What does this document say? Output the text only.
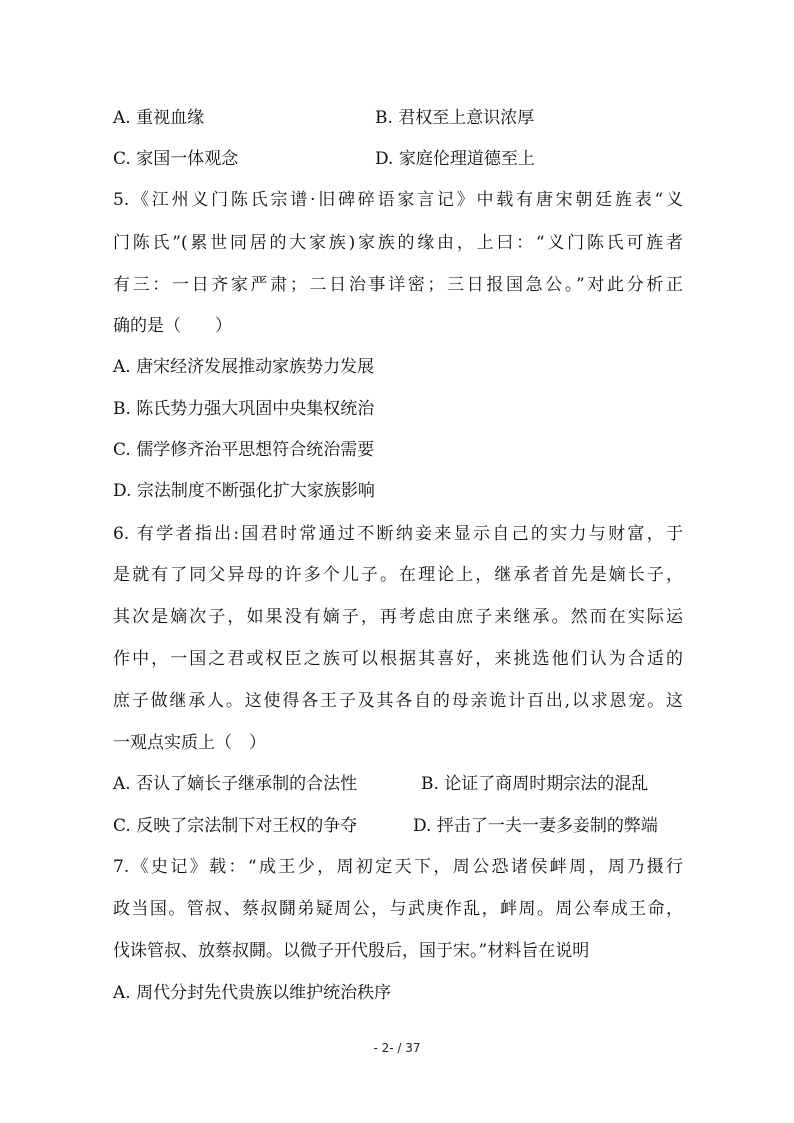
A. 重视血缘	B. 君权至上意识浓厚
C. 家国一体观念	D. 家庭伦理道德至上
5.《江州义门陈氏宗谱·旧碑碎语家言记》中载有唐宋朝廷旌表“义
门陈氏”(累世同居的大家族)家族的缘由，上曰：“义门陈氏可旌者
有三：一日齐家严肃；二日治事详密；三日报国急公。”对此分析正
确的是（　　）
A. 唐宋经济发展推动家族势力发展
B. 陈氏势力强大巩固中央集权统治
C. 儒学修齐治平思想符合统治需要
D. 宗法制度不断强化扩大家族影响
6. 有学者指出:国君时常通过不断纳妾来显示自己的实力与财富，于
是就有了同父异母的许多个儿子。在理论上，继承者首先是嫡长子，
其次是嫡次子，如果没有嫡子，再考虑由庶子来继承。然而在实际运
作中，一国之君或权臣之族可以根据其喜好，来挑选他们认为合适的
庶子做继承人。这使得各王子及其各自的母亲诡计百出,以求恩宠。这
一观点实质上（　）
A. 否认了嫡长子继承制的合法性	B. 论证了商周时期宗法的混乱
C. 反映了宗法制下对王权的争夺	D. 抨击了一夫一妻多妾制的弊端
7.《史记》载：“成王少，周初定天下，周公恐诸侯衅周，周乃摄行
政当国。管叔、蔡叔鬪弟疑周公，与武庚作乱，衅周。周公奉成王命，
伐诛管叔、放蔡叔鬪。以微子开代殷后，国于宋。”材料旨在说明
A. 周代分封先代贵族以维护统治秩序
- 2- / 37
